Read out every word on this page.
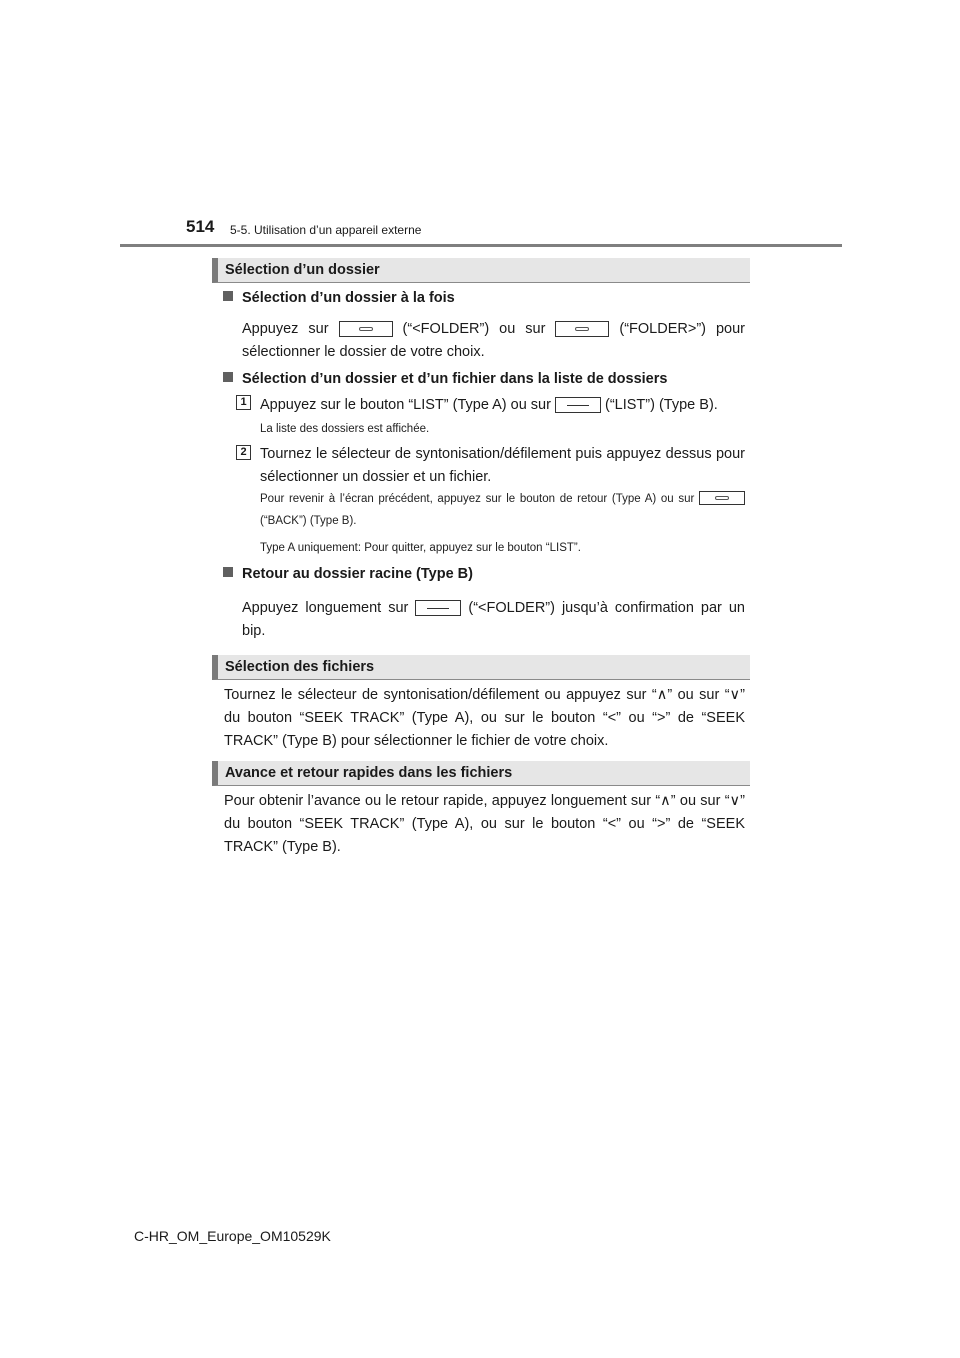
514 5-5. Utilisation d’un appareil externe
Sélection d’un dossier
Sélection d’un dossier à la fois
Appuyez sur	(“<FOLDER”) ou sur	(“FOLDER>”) pour sélectionner le dossier de votre choix.
Sélection d’un dossier et d’un fichier dans la liste de dossiers
1 Appuyez sur le bouton “LIST” (Type A) ou sur	(“LIST”) (Type B).
La liste des dossiers est affichée.
2 Tournez le sélecteur de syntonisation/défilement puis appuyez dessus pour sélectionner un dossier et un fichier.
Pour revenir à l’écran précédent, appuyez sur le bouton de retour (Type A) ou sur
(“BACK”) (Type B).
Type A uniquement: Pour quitter, appuyez sur le bouton “LIST”.
Retour au dossier racine (Type B)
Appuyez longuement sur	(“<FOLDER”) jusqu’à confirmation par un bip.
Sélection des fichiers
Tournez le sélecteur de syntonisation/défilement ou appuyez sur “∧” ou sur “∨” du bouton “SEEK TRACK” (Type A), ou sur le bouton “<” ou “>” de “SEEK TRACK” (Type B) pour sélectionner le fichier de votre choix.
Avance et retour rapides dans les fichiers
Pour obtenir l’avance ou le retour rapide, appuyez longuement sur “∧” ou sur “∨” du bouton “SEEK TRACK” (Type A), ou sur le bouton “<” ou “>” de “SEEK TRACK” (Type B).
C-HR_OM_Europe_OM10529K
